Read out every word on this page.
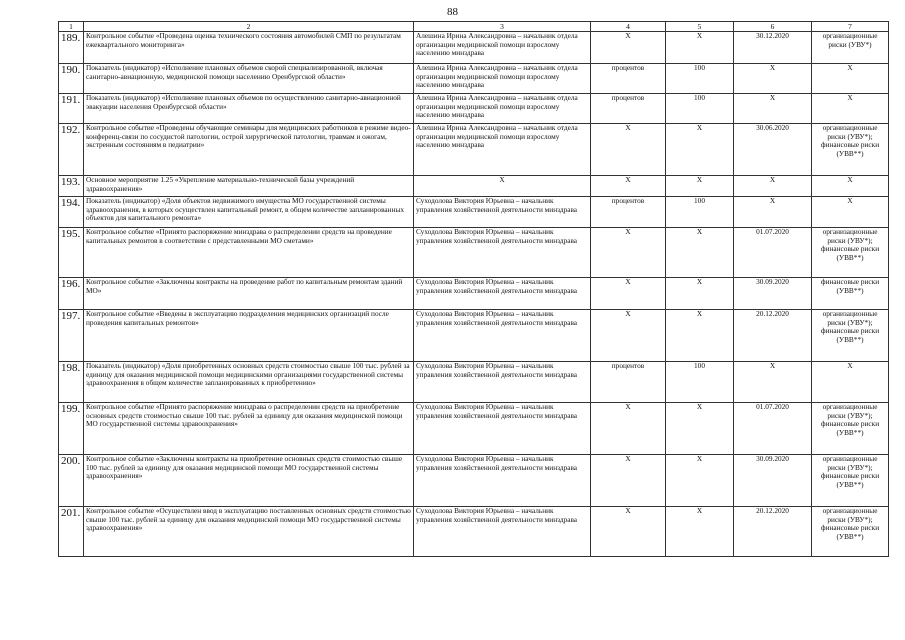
88
1	2	3	4	5	6	7
189.	Контрольное событие «Проведена оценка технического состояния автомобилей СМП по результатам ежеквартального мониторинга»	Алешина Ирина Александровна – начальник отдела организации медицинской помощи взрослому населению минздрава	X	X	30.12.2020	организационные риски (УВУ*)
190.	Показатель (индикатор) «Исполнение плановых объемов скорой специализированной, включая санитарно-авиационную, медицинской помощи населению Оренбургской области»	Алешина Ирина Александровна – начальник отдела организации медицинской помощи взрослому населению минздрава	процентов	100	X	X
191.	Показатель (индикатор) «Исполнение плановых объемов по осуществлению санитарно-авиационной эвакуации населения Оренбургской области»	Алешина Ирина Александровна – начальник отдела организации медицинской помощи взрослому населению минздрава	процентов	100	X	X
192.	Контрольное событие «Проведены обучающие семинары для медицинских работников в режиме видео-конференц-связи по сосудистой патологии, острой хирургической патологии, травмам и ожогам, экстренным состояниям в педиатрии»	Алешина Ирина Александровна – начальник отдела организации медицинской помощи взрослому населению минздрава	X	X	30.06.2020	организационные риски (УВУ*); финансовые риски (УВВ**)
193.	Основное мероприятие 1.25 «Укрепление материально-технической базы учреждений здравоохранения»	X	X	X	X	X
194.	Показатель (индикатор) «Доля объектов недвижимого имущества МО государственной системы здравоохранения, в которых осуществлен капитальный ремонт, в общем количестве запланированных объектов для капитального ремонта»	Суходолова Виктория Юрьевна – начальник управления хозяйственной деятельности минздрава	процентов	100	X	X
195.	Контрольное событие «Принято распоряжение минздрава о распределении средств на проведение капитальных ремонтов в соответствии с представленными МО сметами»	Суходолова Виктория Юрьевна – начальник управления хозяйственной деятельности минздрава	X	X	01.07.2020	организационные риски (УВУ*); финансовые риски (УВВ**)
196.	Контрольное событие «Заключены контракты на проведение работ по капитальным ремонтам зданий МО»	Суходолова Виктория Юрьевна – начальник управления хозяйственной деятельности минздрава	X	X	30.09.2020	финансовые риски (УВВ**)
197.	Контрольное событие «Введены в эксплуатацию подразделения медицинских организаций после проведения капитальных ремонтов»	Суходолова Виктория Юрьевна – начальник управления хозяйственной деятельности минздрава	X	X	20.12.2020	организационные риски (УВУ*); финансовые риски (УВВ**)
198.	Показатель (индикатор) «Доля приобретенных основных средств стоимостью свыше 100 тыс. рублей за единицу для оказания медицинской помощи медицинскими организациями государственной системы здравоохранения в общем количестве запланированных к приобретению»	Суходолова Виктория Юрьевна – начальник управления хозяйственной деятельности минздрава	процентов	100	X	X
199.	Контрольное событие «Принято распоряжение минздрава о распределении средств на приобретение основных средств стоимостью свыше 100 тыс. рублей за единицу для оказания медицинской помощи МО государственной системы здравоохранения»	Суходолова Виктория Юрьевна – начальник управления хозяйственной деятельности минздрава	X	X	01.07.2020	организационные риски (УВУ*); финансовые риски (УВВ**)
200.	Контрольное событие «Заключены контракты на приобретение основных средств стоимостью свыше 100 тыс. рублей за единицу для оказания медицинской помощи МО государственной системы здравоохранения»	Суходолова Виктория Юрьевна – начальник управления хозяйственной деятельности минздрава	X	X	30.09.2020	организационные риски (УВУ*); финансовые риски (УВВ**)
201.	Контрольное событие «Осуществлен ввод в эксплуатацию поставленных основных средств стоимостью свыше 100 тыс. рублей за единицу для оказания медицинской помощи МО государственной системы здравоохранения»	Суходолова Виктория Юрьевна – начальник управления хозяйственной деятельности минздрава	X	X	20.12.2020	организационные риски (УВУ*); финансовые риски (УВВ**)
